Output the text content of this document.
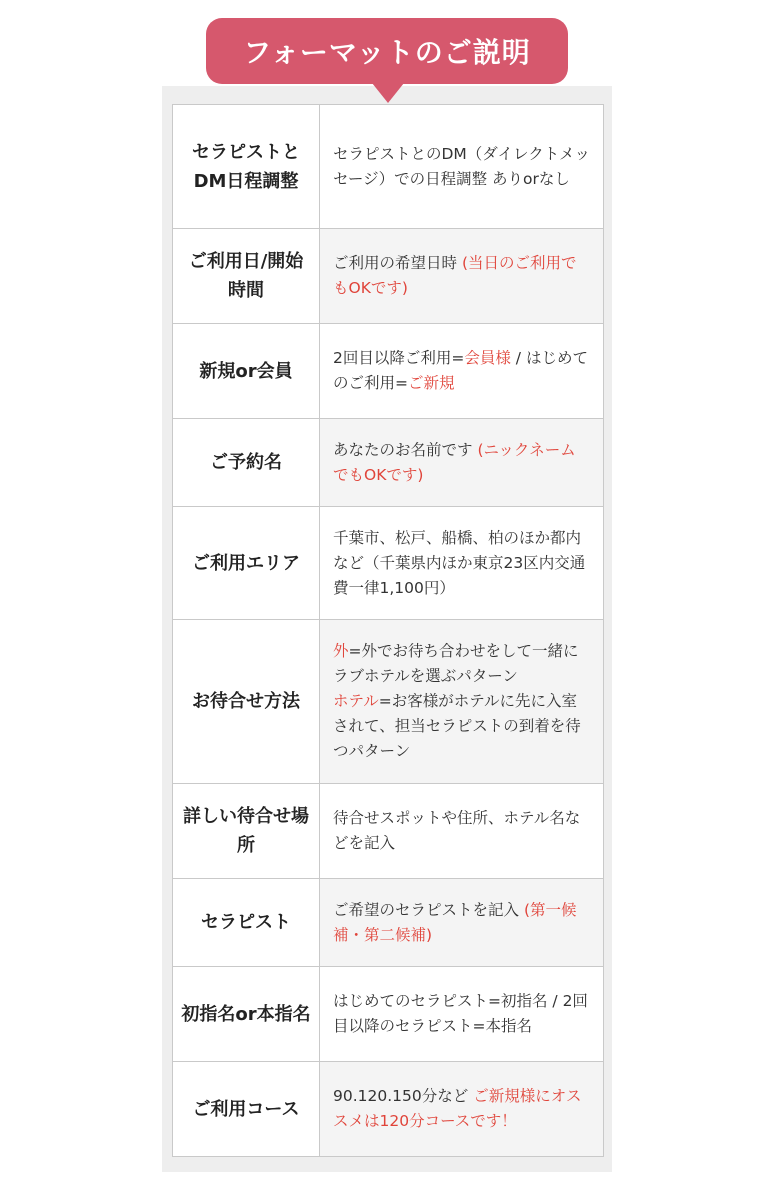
フォーマットのご説明
セラピストとDM日程調整	セラピストとのDM（ダイレクトメッセージ）での日程調整 ありorなし
ご利用日/開始時間	ご利用の希望日時 (当日のご利用でもOKです)
新規or会員	2回目以降ご利用=会員様 / はじめてのご利用=ご新規
ご予約名	あなたのお名前です (ニックネームでもOKです)
ご利用エリア	千葉市、松戸、船橋、柏のほか都内など（千葉県内ほか東京23区内交通費一律1,100円）
お待合せ方法	外=外でお待ち合わせをして一緒にラブホテルを選ぶパターン
ホテル=お客様がホテルに先に入室されて、担当セラピストの到着を待つパターン
詳しい待合せ場所	待合せスポットや住所、ホテル名などを記入
セラピスト	ご希望のセラピストを記入 (第一候補・第二候補)
初指名or本指名	はじめてのセラピスト=初指名 / 2回目以降のセラピスト=本指名
ご利用コース	90.120.150分など ご新規様にオススメは120分コースです！
